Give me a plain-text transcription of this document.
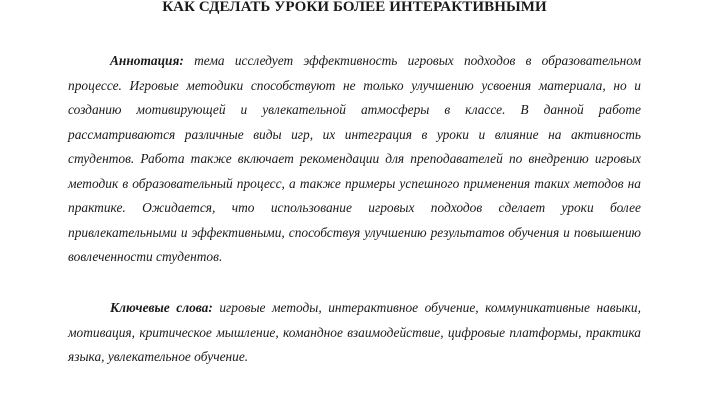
КАК СДЕЛАТЬ УРОКИ БОЛЕЕ ИНТЕРАКТИВНЫМИ

Аннотация: тема исследует эффективность игровых подходов в образовательном процессе. Игровые методики способствуют не только улучшению усвоения материала, но и созданию мотивирующей и увлекательной атмосферы в классе. В данной работе рассматриваются различные виды игр, их интеграция в уроки и влияние на активность студентов. Работа также включает рекомендации для преподавателей по внедрению игровых методик в образовательный процесс, а также примеры успешного применения таких методов на практике. Ожидается, что использование игровых подходов сделает уроки более привлекательными и эффективными, способствуя улучшению результатов обучения и повышению вовлеченности студентов.

Ключевые слова: игровые методы, интерактивное обучение, коммуникативные навыки, мотивация, критическое мышление, командное взаимодействие, цифровые платформы, практика языка, увлекательное обучение.
